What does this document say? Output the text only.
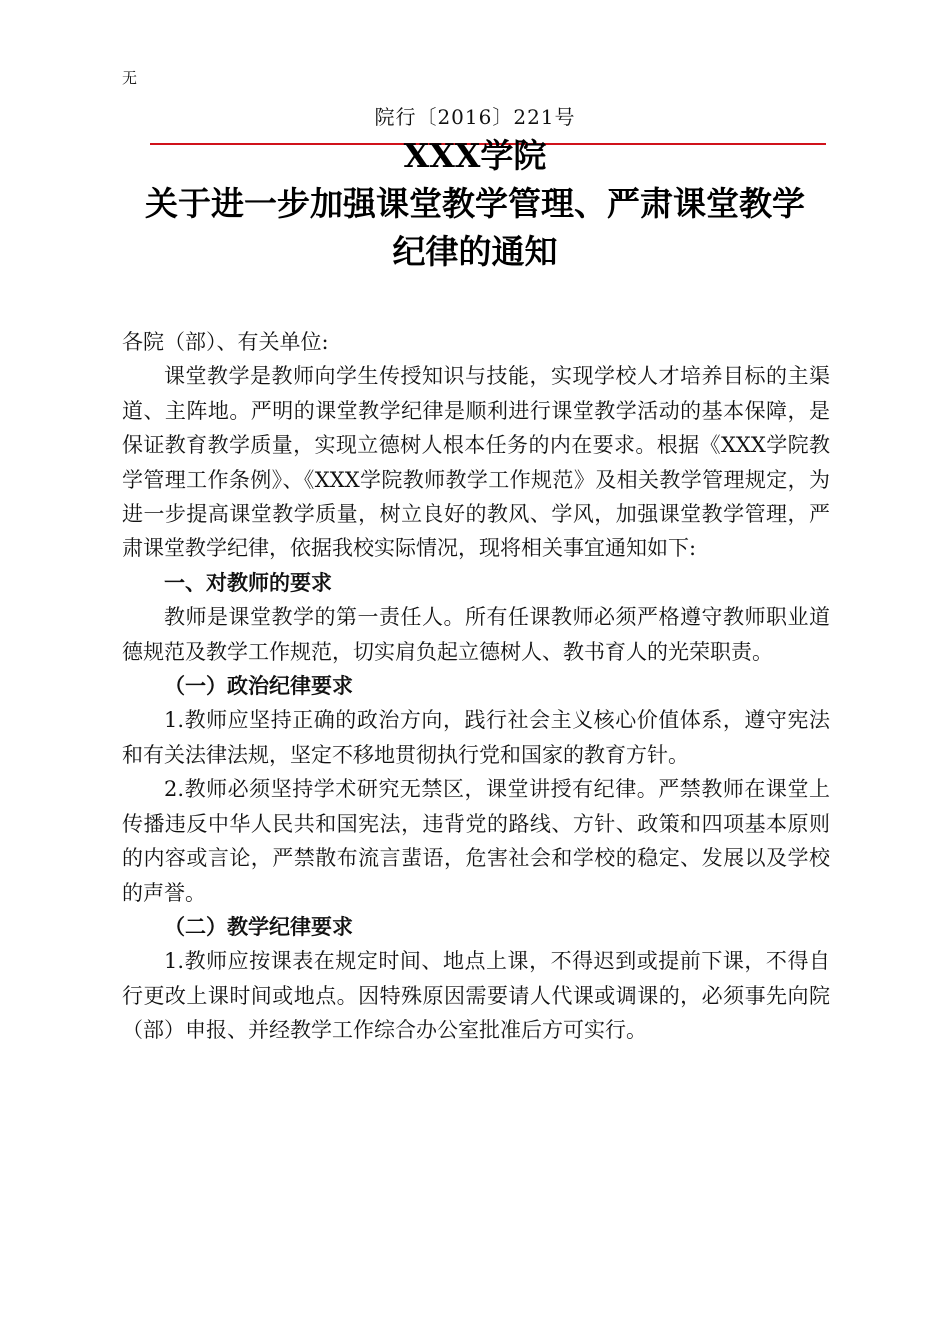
无
院行〔2016〕221号
XXX学院
关于进一步加强课堂教学管理、严肃课堂教学
纪律的通知

各院（部）、有关单位:

课堂教学是教师向学生传授知识与技能，实现学校人才培养目标的主渠道、主阵地。严明的课堂教学纪律是顺利进行课堂教学活动的基本保障，是保证教育教学质量，实现立德树人根本任务的内在要求。根据《XXX学院教学管理工作条例》、《XXX学院教师教学工作规范》及相关教学管理规定，为进一步提高课堂教学质量，树立良好的教风、学风，加强课堂教学管理，严肃课堂教学纪律，依据我校实际情况，现将相关事宜通知如下:

一、对教师的要求

教师是课堂教学的第一责任人。所有任课教师必须严格遵守教师职业道德规范及教学工作规范，切实肩负起立德树人、教书育人的光荣职责。

（一）政治纪律要求

1.教师应坚持正确的政治方向，践行社会主义核心价值体系，遵守宪法和有关法律法规，坚定不移地贯彻执行党和国家的教育方针。

2.教师必须坚持学术研究无禁区，课堂讲授有纪律。严禁教师在课堂上传播违反中华人民共和国宪法，违背党的路线、方针、政策和四项基本原则的内容或言论，严禁散布流言蜚语，危害社会和学校的稳定、发展以及学校的声誉。

（二）教学纪律要求

1.教师应按课表在规定时间、地点上课，不得迟到或提前下课，不得自行更改上课时间或地点。因特殊原因需要请人代课或调课的，必须事先向院（部）申报、并经教学工作综合办公室批准后方可实行。
